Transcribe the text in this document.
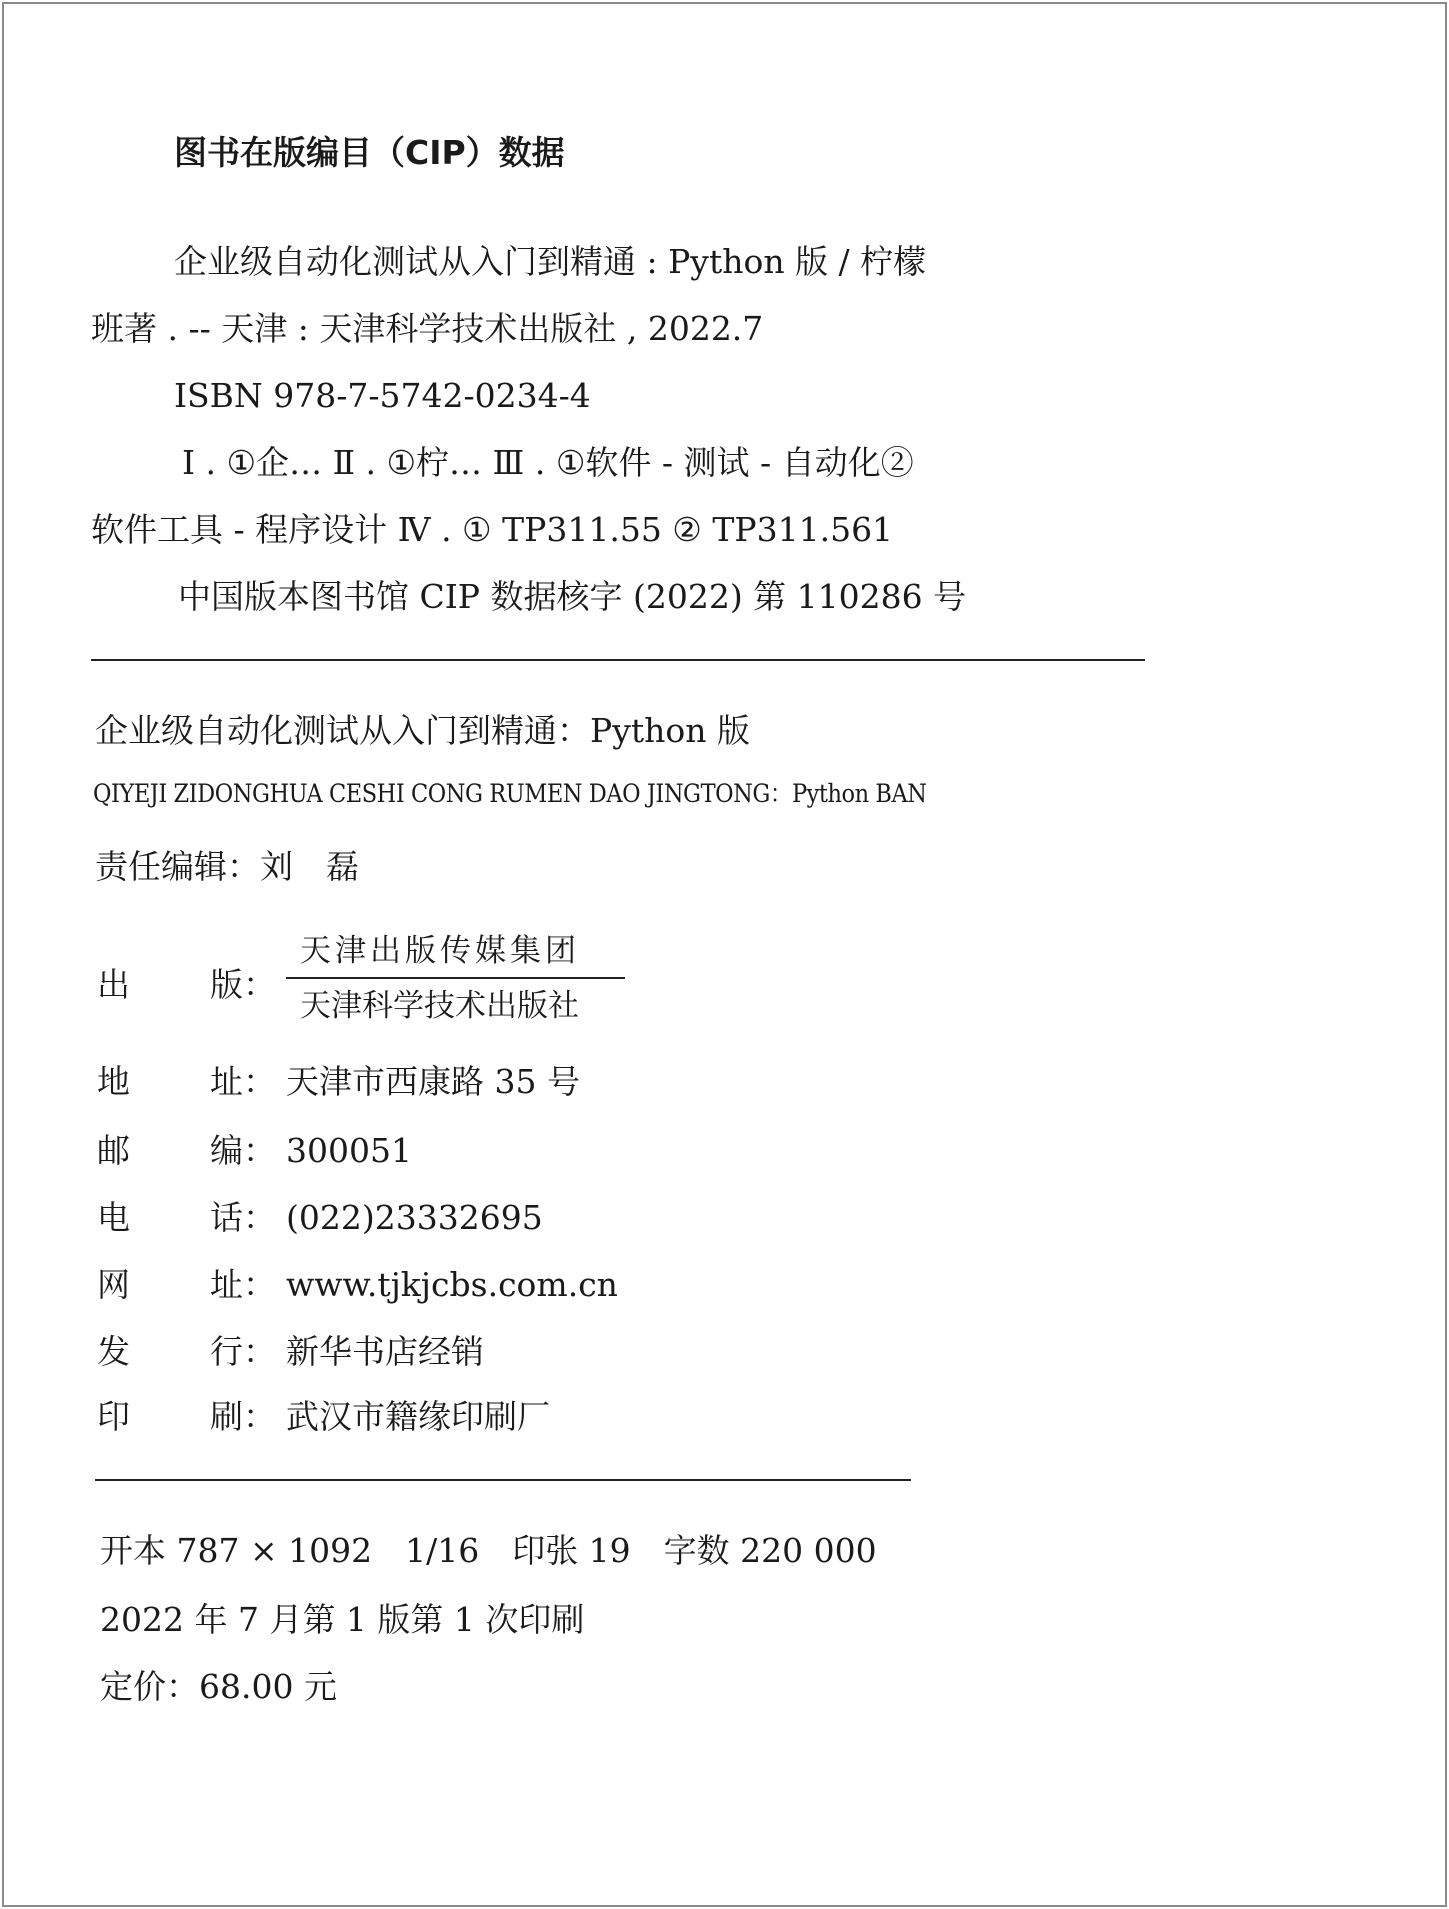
图书在版编目（CIP）数据
企业级自动化测试从入门到精通 : Python 版 / 柠檬
班著 . -- 天津 : 天津科学技术出版社 , 2022.7
ISBN 978-7-5742-0234-4
Ⅰ . ①企… Ⅱ . ①柠… Ⅲ . ①软件 - 测试 - 自动化②
软件工具 - 程序设计 Ⅳ . ① TP311.55 ② TP311.561
中国版本图书馆 CIP 数据核字 (2022) 第 110286 号
企业级自动化测试从入门到精通：Python 版
QIYEJI ZIDONGHUA CESHI CONG RUMEN DAO JINGTONG：Python BAN
责任编辑：刘　磊
出 版：
天津出版传媒集团
天津科学技术出版社
地 址： 天津市西康路 35 号
邮 编： 300051
电 话： (022)23332695
网 址： www.tjkjcbs.com.cn
发 行： 新华书店经销
印 刷： 武汉市籍缘印刷厂
开本 787 × 1092　1/16　印张 19　字数 220 000
2022 年 7 月第 1 版第 1 次印刷
定价：68.00 元
